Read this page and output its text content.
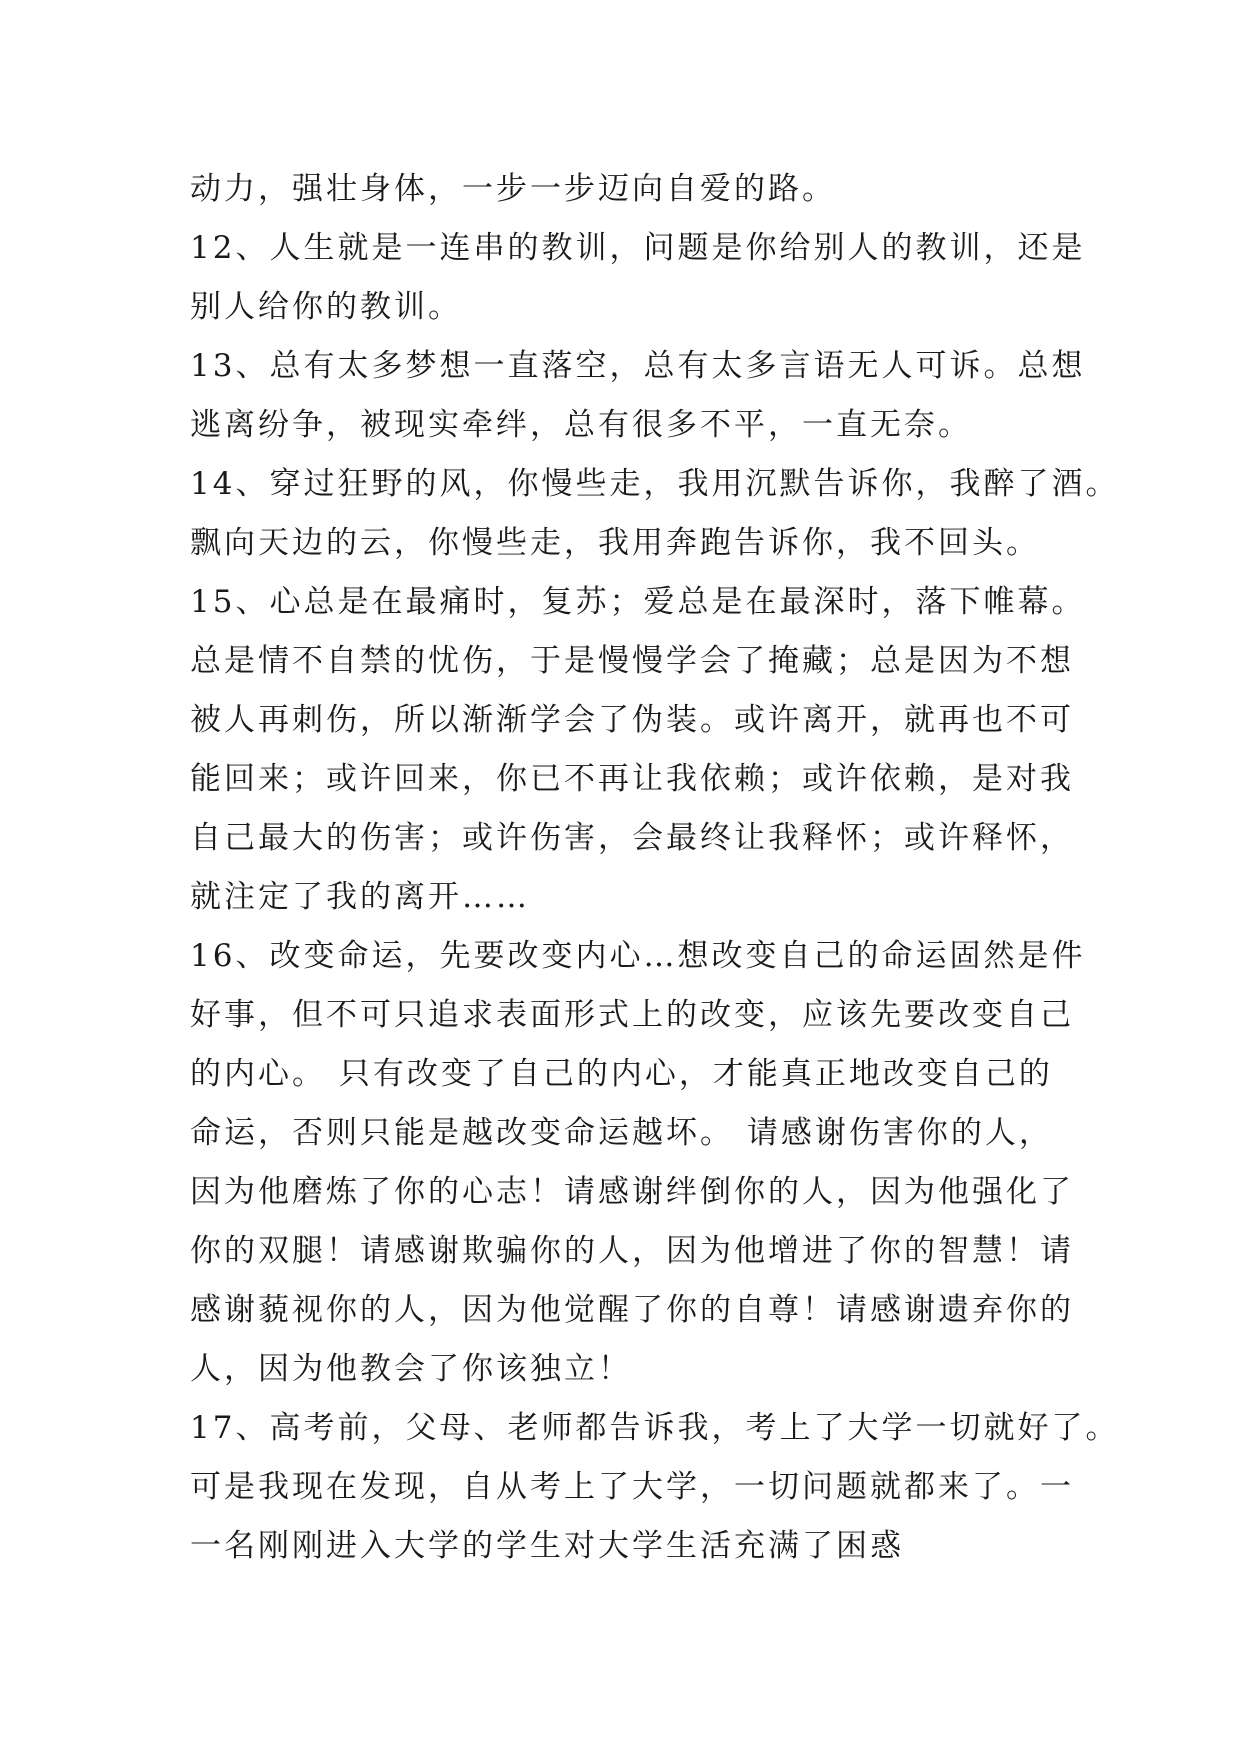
动力，强壮身体，一步一步迈向自爱的路。
12、人生就是一连串的教训，问题是你给别人的教训，还是
别人给你的教训。
13、总有太多梦想一直落空，总有太多言语无人可诉。总想
逃离纷争，被现实牵绊，总有很多不平，一直无奈。
14、穿过狂野的风，你慢些走，我用沉默告诉你，我醉了酒。
飘向天边的云，你慢些走，我用奔跑告诉你，我不回头。
15、心总是在最痛时，复苏；爱总是在最深时，落下帷幕。
总是情不自禁的忧伤，于是慢慢学会了掩藏；总是因为不想
被人再刺伤，所以渐渐学会了伪装。或许离开，就再也不可
能回来；或许回来，你已不再让我依赖；或许依赖，是对我
自己最大的伤害；或许伤害，会最终让我释怀；或许释怀，
就注定了我的离开……
16、改变命运，先要改变内心…想改变自己的命运固然是件
好事，但不可只追求表面形式上的改变，应该先要改变自己
的内心。 只有改变了自己的内心，才能真正地改变自己的
命运，否则只能是越改变命运越坏。 请感谢伤害你的人，
因为他磨炼了你的心志！请感谢绊倒你的人，因为他强化了
你的双腿！请感谢欺骗你的人，因为他增进了你的智慧！请
感谢藐视你的人，因为他觉醒了你的自尊！请感谢遗弃你的
人，因为他教会了你该独立！
17、高考前，父母、老师都告诉我，考上了大学一切就好了。
可是我现在发现，自从考上了大学，一切问题就都来了。一
一名刚刚进入大学的学生对大学生活充满了困惑
